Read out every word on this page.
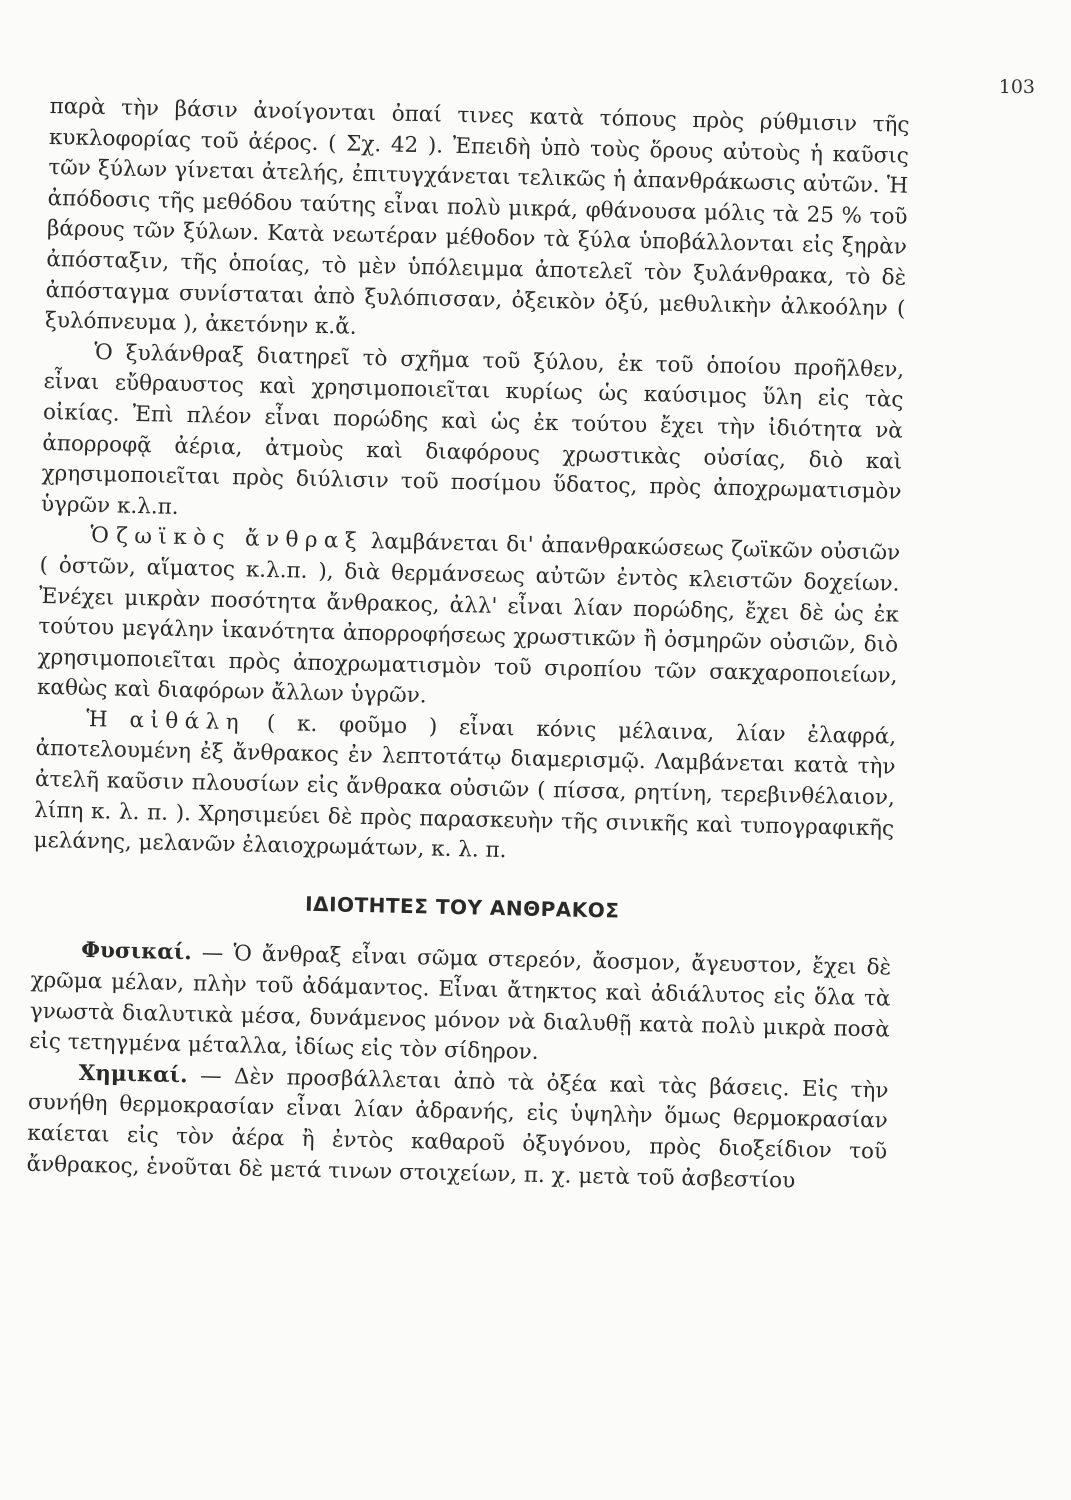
103

παρὰ τὴν βάσιν ἀνοίγονται ὀπαί τινες κατὰ τόπους πρὸς ρύθμισιν τῆς κυκλοφορίας τοῦ ἀέρος. ( Σχ. 42 ). Ἐπειδὴ ὑπὸ τοὺς ὅρους αὐτοὺς ἡ καῦσις τῶν ξύλων γίνεται ἀτελής, ἐπιτυγχάνεται τελικῶς ἡ ἀπανθράκωσις αὐτῶν. Ἡ ἀπόδοσις τῆς μεθόδου ταύτης εἶναι πολὺ μικρά, φθάνουσα μόλις τὰ 25 % τοῦ βάρους τῶν ξύλων. Κατὰ νεωτέραν μέθοδον τὰ ξύλα ὑποβάλλονται εἰς ξηρὰν ἀπόσταξιν, τῆς ὁποίας, τὸ μὲν ὑπόλειμμα ἀποτελεῖ τὸν ξυλάνθρακα, τὸ δὲ ἀπόσταγμα συνίσταται ἀπὸ ξυλόπισσαν, ὀξεικὸν ὀξύ, μεθυλικὴν ἀλκοόλην ( ξυλόπνευμα ), ἀκετόνην κ.ἄ.

Ὁ ξυλάνθραξ διατηρεῖ τὸ σχῆμα τοῦ ξύλου, ἐκ τοῦ ὁποίου προῆλθεν, εἶναι εὔθραυστος καὶ χρησιμοποιεῖται κυρίως ὡς καύσιμος ὕλη εἰς τὰς οἰκίας. Ἐπὶ πλέον εἶναι πορώδης καὶ ὡς ἐκ τούτου ἔχει τὴν ἰδιότητα νὰ ἀπορροφᾷ ἀέρια, ἀτμοὺς καὶ διαφόρους χρωστικὰς οὐσίας, διὸ καὶ χρησιμοποιεῖται πρὸς διύλισιν τοῦ ποσίμου ὕδατος, πρὸς ἀποχρωματισμὸν ὑγρῶν κ.λ.π.

Ὁ ζωϊκὸς ἄνθραξ λαμβάνεται δι' ἀπανθρακώσεως ζωϊκῶν οὐσιῶν ( ὀστῶν, αἵματος κ.λ.π. ), διὰ θερμάνσεως αὐτῶν ἐντὸς κλειστῶν δοχείων. Ἐνέχει μικρὰν ποσότητα ἄνθρακος, ἀλλ' εἶναι λίαν πορώδης, ἔχει δὲ ὡς ἐκ τούτου μεγάλην ἱκανότητα ἀπορροφήσεως χρωστικῶν ἢ ὀσμηρῶν οὐσιῶν, διὸ χρησιμοποιεῖται πρὸς ἀποχρωματισμὸν τοῦ σιροπίου τῶν σακχαροποιείων, καθὼς καὶ διαφόρων ἄλλων ὑγρῶν.

Ἡ αἰθάλη ( κ. φοῦμο ) εἶναι κόνις μέλαινα, λίαν ἐλαφρά, ἀποτελουμένη ἐξ ἄνθρακος ἐν λεπτοτάτῳ διαμερισμῷ. Λαμβάνεται κατὰ τὴν ἀτελῆ καῦσιν πλουσίων εἰς ἄνθρακα οὐσιῶν ( πίσσα, ρητίνη, τερεβινθέλαιον, λίπη κ. λ. π. ). Χρησιμεύει δὲ πρὸς παρασκευὴν τῆς σινικῆς καὶ τυπογραφικῆς μελάνης, μελανῶν ἐλαιοχρωμάτων, κ. λ. π.

ΙΔΙΟΤΗΤΕΣ ΤΟΥ ΑΝΘΡΑΚΟΣ

Φυσικαί. — Ὁ ἄνθραξ εἶναι σῶμα στερεόν, ἄοσμον, ἄγευστον, ἔχει δὲ χρῶμα μέλαν, πλὴν τοῦ ἀδάμαντος. Εἶναι ἄτηκτος καὶ ἀδιάλυτος εἰς ὅλα τὰ γνωστὰ διαλυτικὰ μέσα, δυνάμενος μόνον νὰ διαλυθῇ κατὰ πολὺ μικρὰ ποσὰ εἰς τετηγμένα μέταλλα, ἰδίως εἰς τὸν σίδηρον.

Χημικαί. — Δὲν προσβάλλεται ἀπὸ τὰ ὀξέα καὶ τὰς βάσεις. Εἰς τὴν συνήθη θερμοκρασίαν εἶναι λίαν ἀδρανής, εἰς ὑψηλὴν ὅμως θερμοκρασίαν καίεται εἰς τὸν ἀέρα ἢ ἐντὸς καθαροῦ ὀξυγόνου, πρὸς διοξείδιον τοῦ ἄνθρακος, ἑνοῦται δὲ μετά τινων στοιχείων, π. χ. μετὰ τοῦ ἀσβεστίου
